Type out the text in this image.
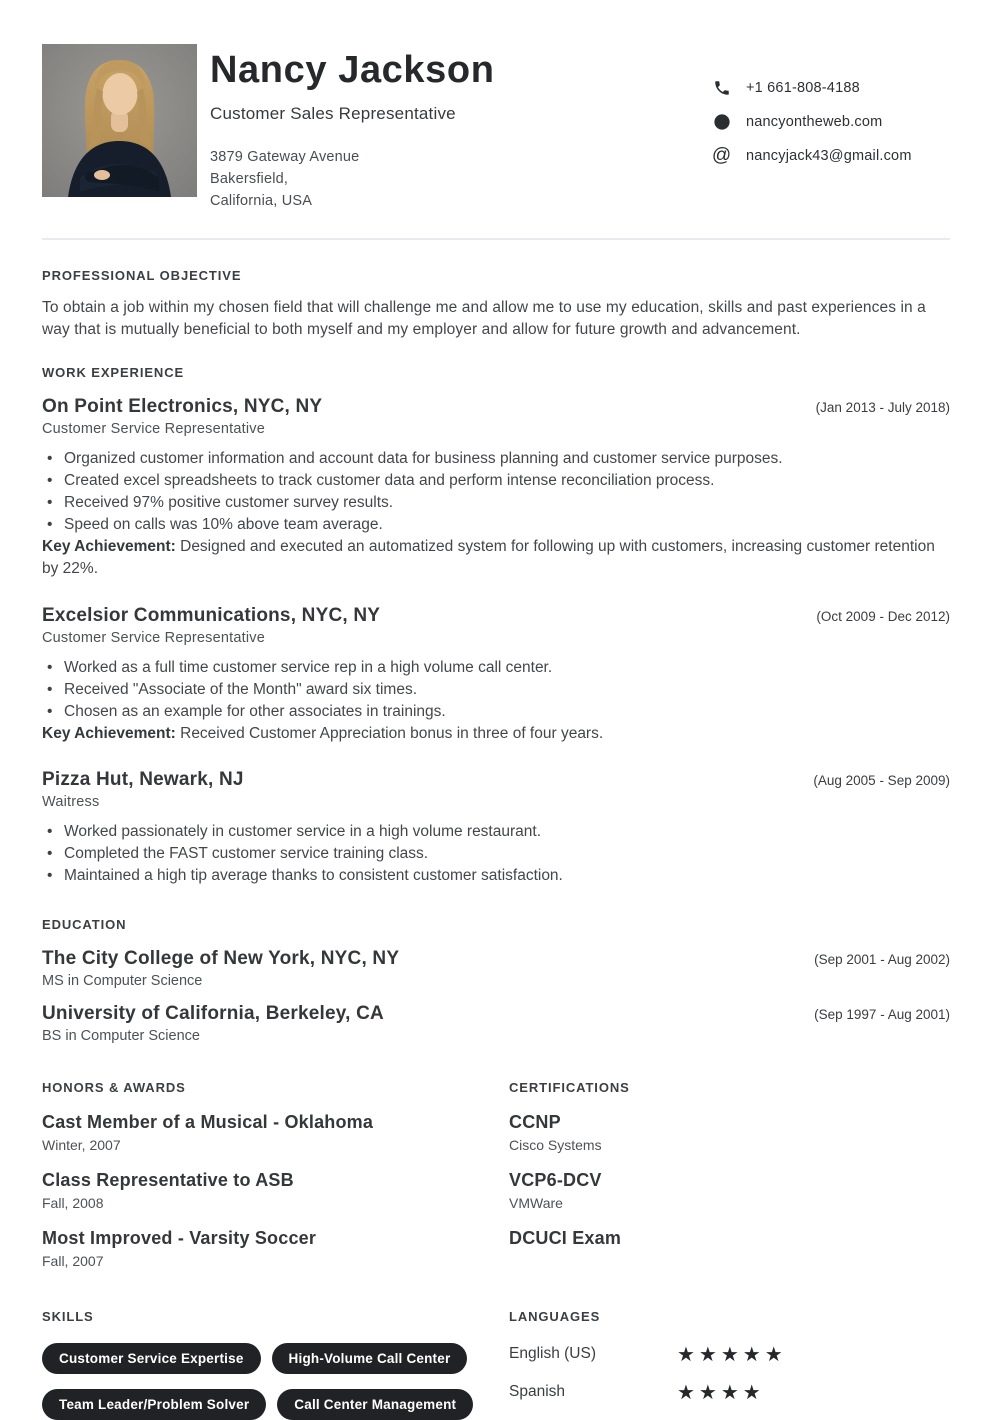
Nancy Jackson
Customer Sales Representative
3879 Gateway Avenue
Bakersfield,
California, USA
+1 661-808-4188
nancyontheweb.com
@ nancyjack43@gmail.com
PROFESSIONAL OBJECTIVE

To obtain a job within my chosen field that will challenge me and allow me to use my education, skills and past experiences in a way that is mutually beneficial to both myself and my employer and allow for future growth and advancement.

WORK EXPERIENCE
On Point Electronics, NYC, NY	(Jan 2013 - July 2018)
Customer Service Representative
• Organized customer information and account data for business planning and customer service purposes.
• Created excel spreadsheets to track customer data and perform intense reconciliation process.
• Received 97% positive customer survey results.
• Speed on calls was 10% above team average.

Key Achievement: Designed and executed an automatized system for following up with customers, increasing customer retention by 22%.

Excelsior Communications, NYC, NY	(Oct 2009 - Dec 2012)
Customer Service Representative
• Worked as a full time customer service rep in a high volume call center.
• Received "Associate of the Month" award six times.
• Chosen as an example for other associates in trainings.

Key Achievement: Received Customer Appreciation bonus in three of four years.

Pizza Hut, Newark, NJ	(Aug 2005 - Sep 2009)
Waitress
• Worked passionately in customer service in a high volume restaurant.
• Completed the FAST customer service training class.
• Maintained a high tip average thanks to consistent customer satisfaction.
EDUCATION
The City College of New York, NYC, NY	(Sep 2001 - Aug 2002)
MS in Computer Science
University of California, Berkeley, CA	(Sep 1997 - Aug 2001)
BS in Computer Science
HONORS & AWARDS
Cast Member of a Musical - Oklahoma
Winter, 2007
Class Representative to ASB
Fall, 2008
Most Improved - Varsity Soccer
Fall, 2007
CERTIFICATIONS
CCNP
Cisco Systems
VCP6-DCV
VMWare
DCUCI Exam
SKILLS
Customer Service Expertise	High-Volume Call Center
Team Leader/Problem Solver	Call Center Management
LANGUAGES
English (US)	★★★★★
Spanish	★★★★
